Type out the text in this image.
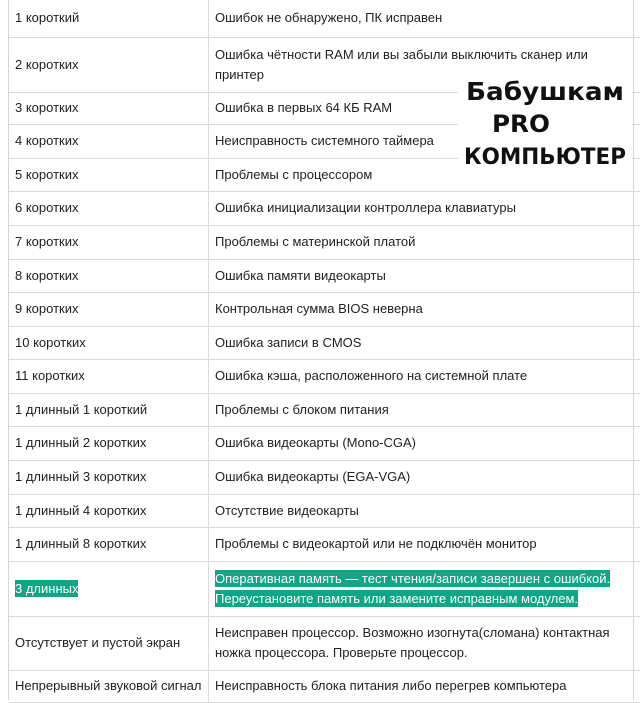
1 короткий	Ошибок не обнаружено, ПК исправен
2 коротких	Ошибка чётности RAM или вы забыли выключить сканер или принтер
3 коротких	Ошибка в первых 64 КБ RAM
4 коротких	Неисправность системного таймера
5 коротких	Проблемы с процессором
6 коротких	Ошибка инициализации контроллера клавиатуры
7 коротких	Проблемы с материнской платой
8 коротких	Ошибка памяти видеокарты
9 коротких	Контрольная сумма BIOS неверна
10 коротких	Ошибка записи в CMOS
11 коротких	Ошибка кэша, расположенного на системной плате
1 длинный 1 короткий	Проблемы с блоком питания
1 длинный 2 коротких	Ошибка видеокарты (Mono-CGA)
1 длинный 3 коротких	Ошибка видеокарты (EGA-VGA)
1 длинный 4 коротких	Отсутствие видеокарты
1 длинный 8 коротких	Проблемы с видеокартой или не подключён монитор
3 длинных	Оперативная память — тест чтения/записи завершен с ошибкой. Переустановите память или замените исправным модулем.
Отсутствует и пустой экран	Неисправен процессор. Возможно изогнута(сломана) контактная ножка процессора. Проверьте процессор.
Непрерывный звуковой сигнал	Неисправность блока питания либо перегрев компьютера
Бабушкам
PRO
КОМПЬЮТЕР
